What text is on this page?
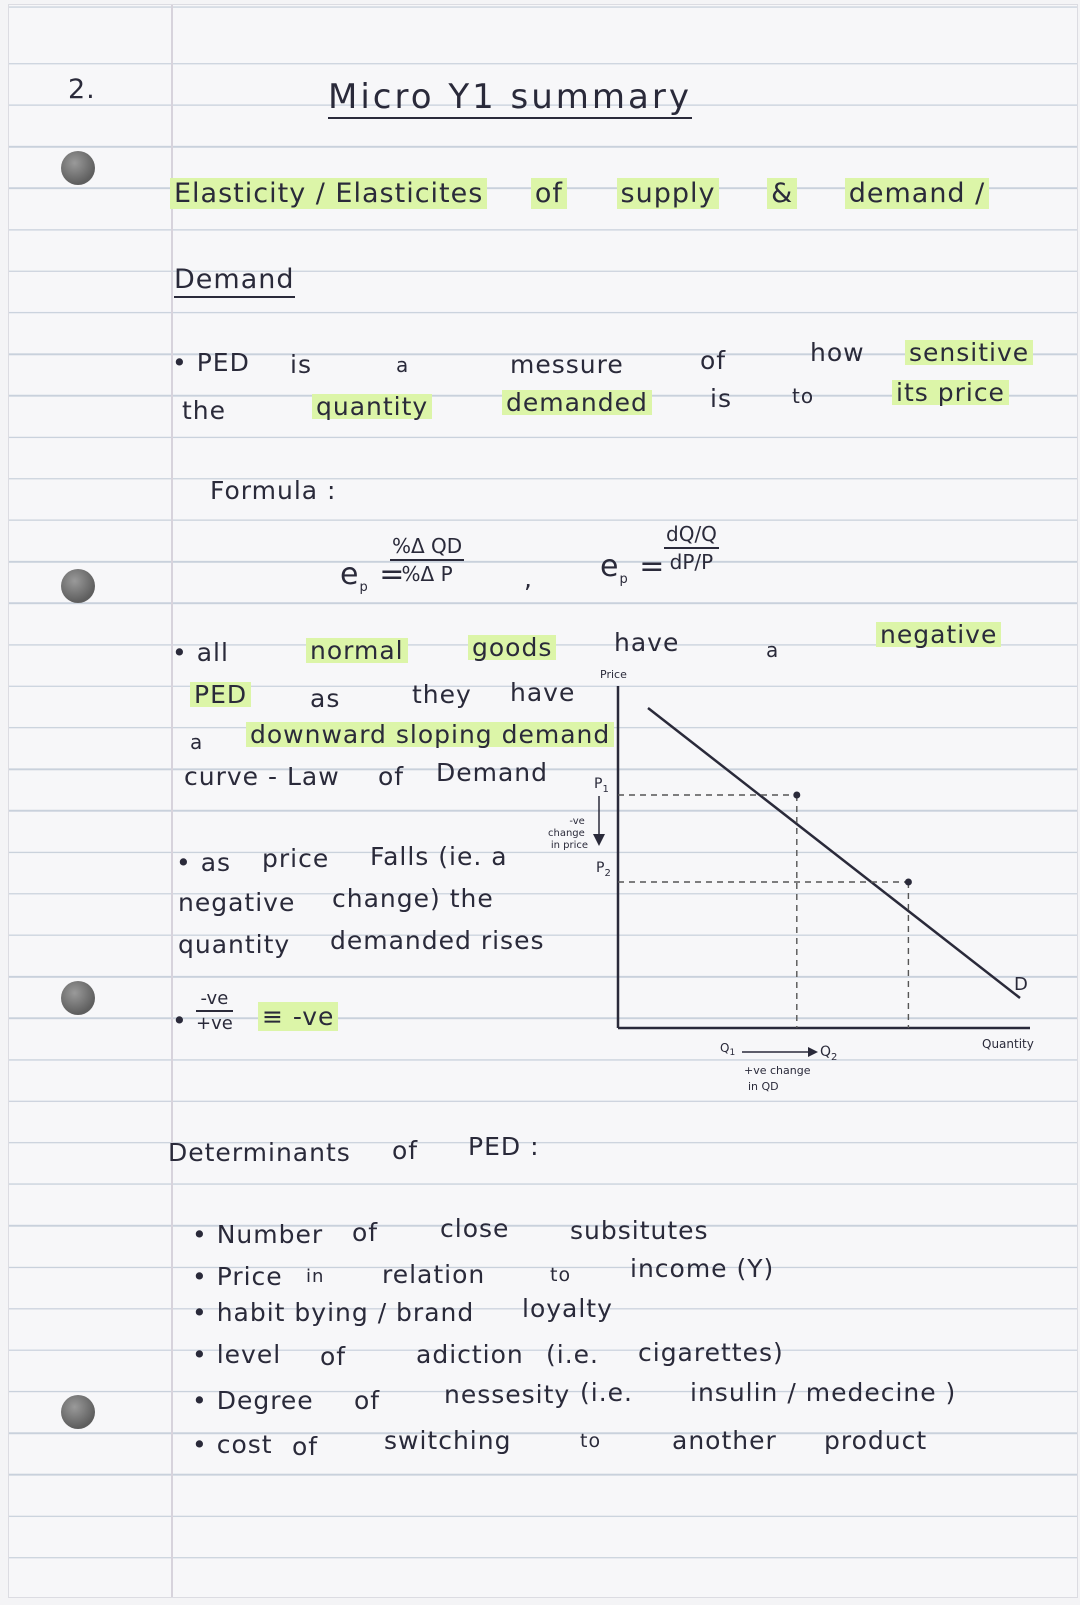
2.	Micro Y1 summary
Elasticity / Elasticites of supply & demand /
Demand
• PED is	a	messure	of	how sensitive
the	quantity	demanded is	to	its price
Formula :
$e_p$ =
$\frac{\text{\%Δ QD}}{\text{\%Δ P}}$ , $e_p$ =
$\frac{dQ/Q}{dP/P}$
• all	normal	goods have	a
negative
PED	as	they have
a downward sloping demand
curve - Law of Demand
• as price Falls (ie. a
negative change) the
quantity demanded rises
• $\frac{-ve}{+ve} \equiv -ve$
Price
Quantity
D
$P_1$
$P_2$
-ve change in price
$Q_1$	$Q_2$
+ve change in QD
Determinants of PED :
• Number of close subsitutes
• Price in relation	to income (Y)
• habit bying / brand loyalty
• level of	adiction (i.e. cigarettes)
• Degree of	nessesity (i.e. insulin / medecine )
• cost of	switching	to	another product
